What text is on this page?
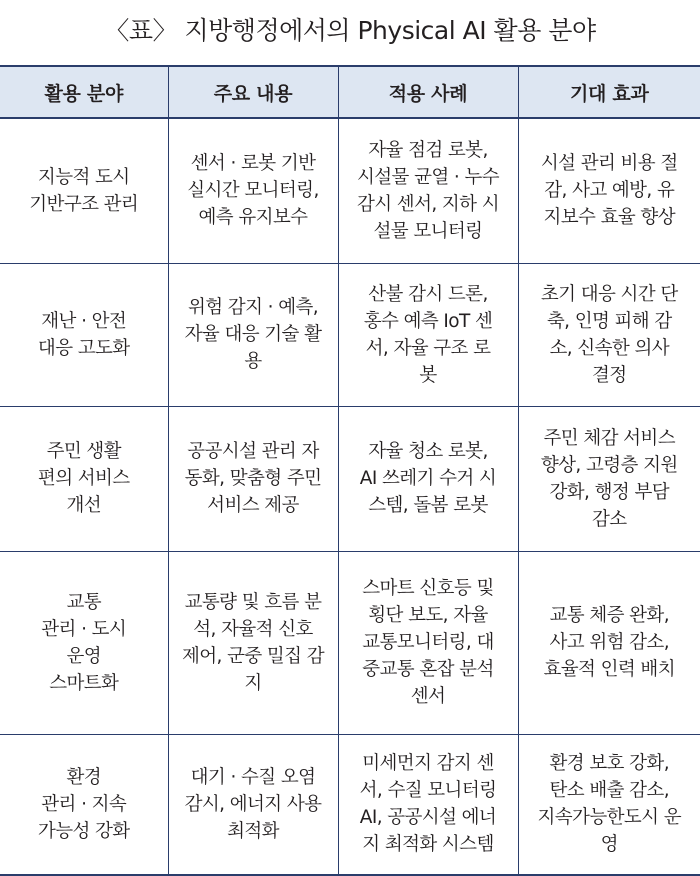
〈표〉 지방행정에서의 Physical AI 활용 분야
활용 분야	주요 내용	적용 사례	기대 효과

지능적 도시
기반구조 관리	센서 · 로봇 기반
실시간 모니터링,
예측 유지보수	자율 점검 로봇,
시설물 균열 · 누수
감시 센서, 지하 시
설물 모니터링	시설 관리 비용 절
감, 사고 예방, 유
지보수 효율 향상

재난 · 안전
대응 고도화	위험 감지 · 예측,
자율 대응 기술 활
용	산불 감시 드론,
홍수 예측 IoT 센
서, 자율 구조 로
봇	초기 대응 시간 단
축, 인명 피해 감
소, 신속한 의사
결정

주민 생활
편의 서비스
개선	공공시설 관리 자
동화, 맞춤형 주민
서비스 제공	자율 청소 로봇,
AI 쓰레기 수거 시
스템, 돌봄 로봇	주민 체감 서비스
향상, 고령층 지원
강화, 행정 부담
감소

교통
관리 · 도시
운영
스마트화	교통량 및 흐름 분
석, 자율적 신호
제어, 군중 밀집 감
지	스마트 신호등 및
횡단 보도, 자율
교통모니터링, 대
중교통 혼잡 분석
센서	교통 체증 완화,
사고 위험 감소,
효율적 인력 배치

환경
관리 · 지속
가능성 강화	대기 · 수질 오염
감시, 에너지 사용
최적화	미세먼지 감지 센
서, 수질 모니터링
AI, 공공시설 에너
지 최적화 시스템	환경 보호 강화,
탄소 배출 감소,
지속가능한도시 운
영
